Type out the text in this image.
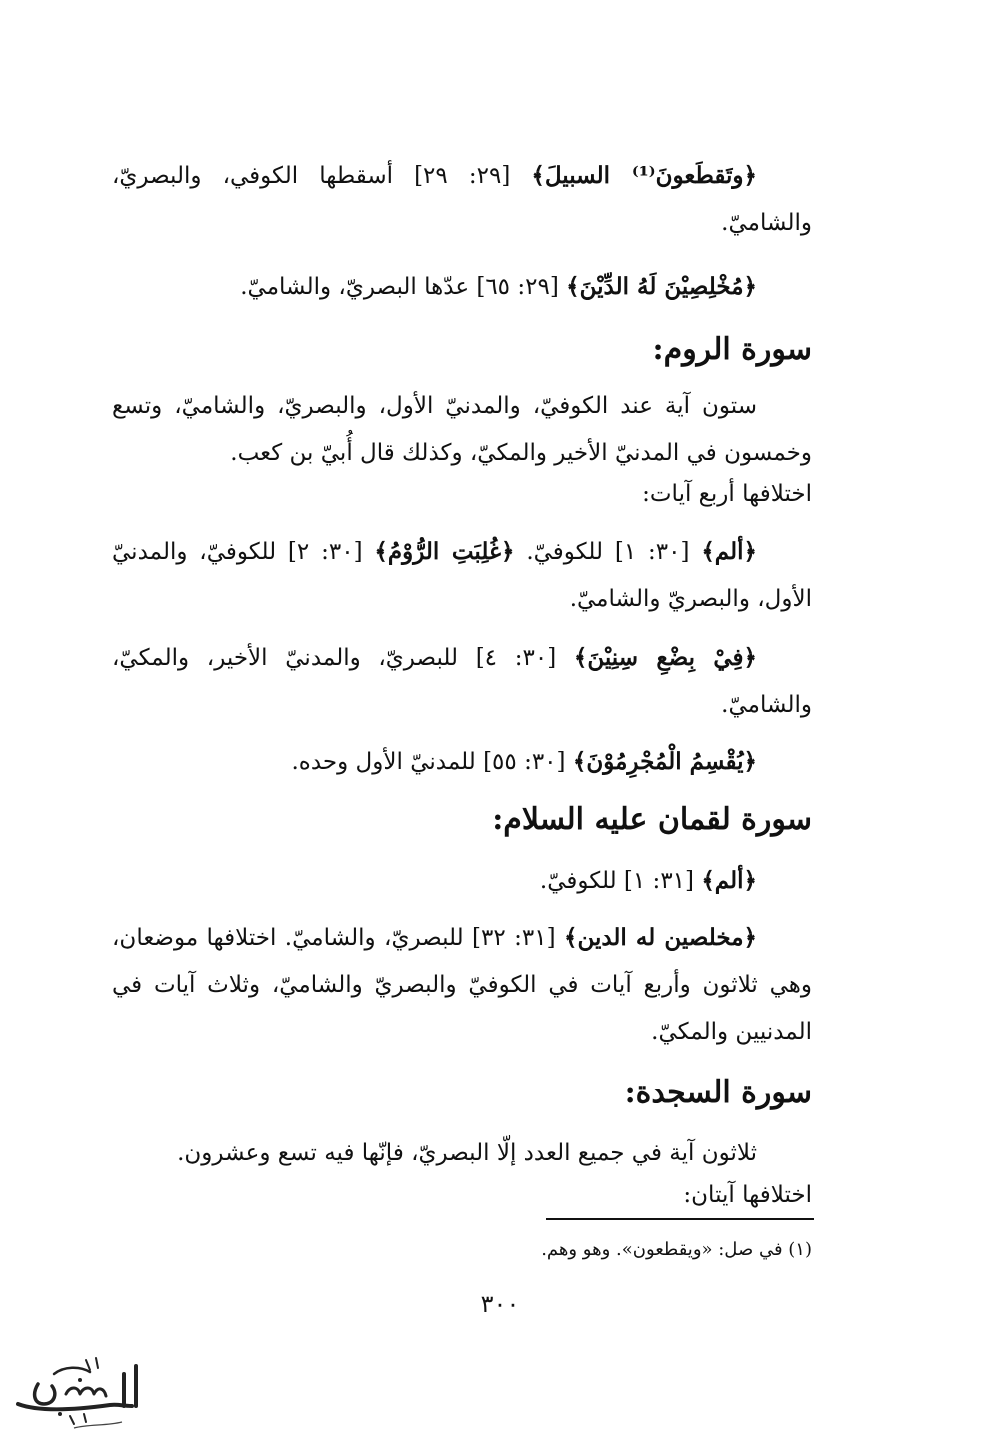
﴿وتَقطَعونَ⁽¹⁾ السبيلَ﴾ [٢٩: ٢٩] أسقطها الكوفي، والبصريّ، والشاميّ.

﴿مُخْلِصِيْنَ لَهُ الدِّيْنَ﴾ [٢٩: ٦٥] عدّها البصريّ، والشاميّ.
سورة الروم:

ستون آية عند الكوفيّ، والمدنيّ الأول، والبصريّ، والشاميّ، وتسع وخمسون في المدنيّ الأخير والمكيّ، وكذلك قال أُبيّ بن كعب.

اختلافها أربع آيات:

﴿ألم﴾ [٣٠: ١] للكوفيّ. ﴿غُلِبَتِ الرُّوْمُ﴾ [٣٠: ٢] للكوفيّ، والمدنيّ الأول، والبصريّ والشاميّ.

﴿فِيْ بِضْعِ سِنِيْنَ﴾ [٣٠: ٤] للبصريّ، والمدنيّ الأخير، والمكيّ، والشاميّ.

﴿يُقْسِمُ الْمُجْرِمُوْنَ﴾ [٣٠: ٥٥] للمدنيّ الأول وحده.
سورة لقمان عليه السلام:
﴿ألم﴾ [٣١: ١] للكوفيّ.

﴿مخلصين له الدين﴾ [٣١: ٣٢] للبصريّ، والشاميّ. اختلافها موضعان، وهي ثلاثون وأربع آيات في الكوفيّ والبصريّ والشاميّ، وثلاث آيات في المدنيين والمكيّ.

سورة السجدة:

ثلاثون آية في جميع العدد إلّا البصريّ، فإنّها فيه تسع وعشرون.

اختلافها آيتان:
(١) في صل: «ويقطعون». وهو وهم.
٣٠٠
